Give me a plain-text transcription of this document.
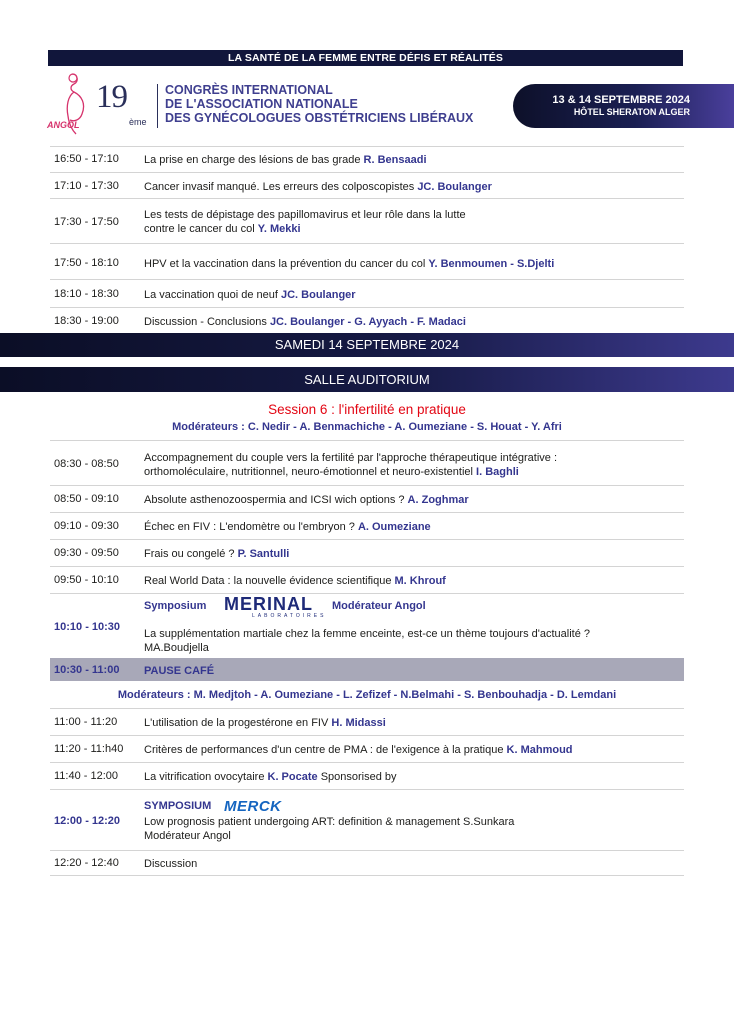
LA SANTÉ DE LA FEMME ENTRE DÉFIS ET RÉALITÉS
ANGOL
19
ème
CONGRÈS INTERNATIONAL
DE L'ASSOCIATION NATIONALE
DES GYNÉCOLOGUES OBSTÉTRICIENS LIBÉRAUX
13 & 14 SEPTEMBRE 2024
HÔTEL SHERATON ALGER
16:50 - 17:10 La prise en charge des lésions de bas grade R. Bensaadi
17:10 - 17:30 Cancer invasif manqué. Les erreurs des colposcopistes JC. Boulanger
17:30 - 17:50
Les tests de dépistage des papillomavirus et leur rôle dans la lutte
contre le cancer du col Y. Mekki
17:50 - 18:10 HPV et la vaccination dans la prévention du cancer du col Y. Benmoumen - S.Djelti
18:10 - 18:30 La vaccination quoi de neuf JC. Boulanger
18:30 - 19:00 Discussion - Conclusions JC. Boulanger - G. Ayyach - F. Madaci
SAMEDI 14 SEPTEMBRE 2024
SALLE AUDITORIUM
Session 6 : l'infertilité en pratique
Modérateurs : C. Nedir - A. Benmachiche - A. Oumeziane - S. Houat - Y. Afri
08:30 - 08:50 Accompagnement du couple vers la fertilité par l'approche thérapeutique intégrative :
orthomoléculaire, nutritionnel, neuro-émotionnel et neuro-existentiel I. Baghli
08:50 - 09:10 Absolute asthenozoospermia and ICSI wich options ? A. Zoghmar
09:10 - 09:30 Échec en FIV : L'endomètre ou l'embryon ? A. Oumeziane
09:30 - 09:50 Frais ou congelé ? P. Santulli
09:50 - 10:10 Real World Data : la nouvelle évidence scientifique M. Khrouf
10:10 - 10:30
Symposium MERINAL
LABORATOIRES
Modérateur Angol
La supplémentation martiale chez la femme enceinte, est-ce un thème toujours d'actualité ?
MA.Boudjella
10:30 - 11:00 PAUSE CAFÉ
Modérateurs : M. Medjtoh - A. Oumeziane - L. Zefizef - N.Belmahi - S. Benbouhadja - D. Lemdani
11:00 - 11:20 L'utilisation de la progestérone en FIV H. Midassi
11:20 - 11:h40 Critères de performances d'un centre de PMA : de l'exigence à la pratique K. Mahmoud
11:40 - 12:00 La vitrification ovocytaire K. Pocate Sponsorised by
12:00 - 12:20
SYMPOSIUM MERCK
Low prognosis patient undergoing ART: definition & management S.Sunkara
Modérateur Angol
12:20 - 12:40 Discussion
